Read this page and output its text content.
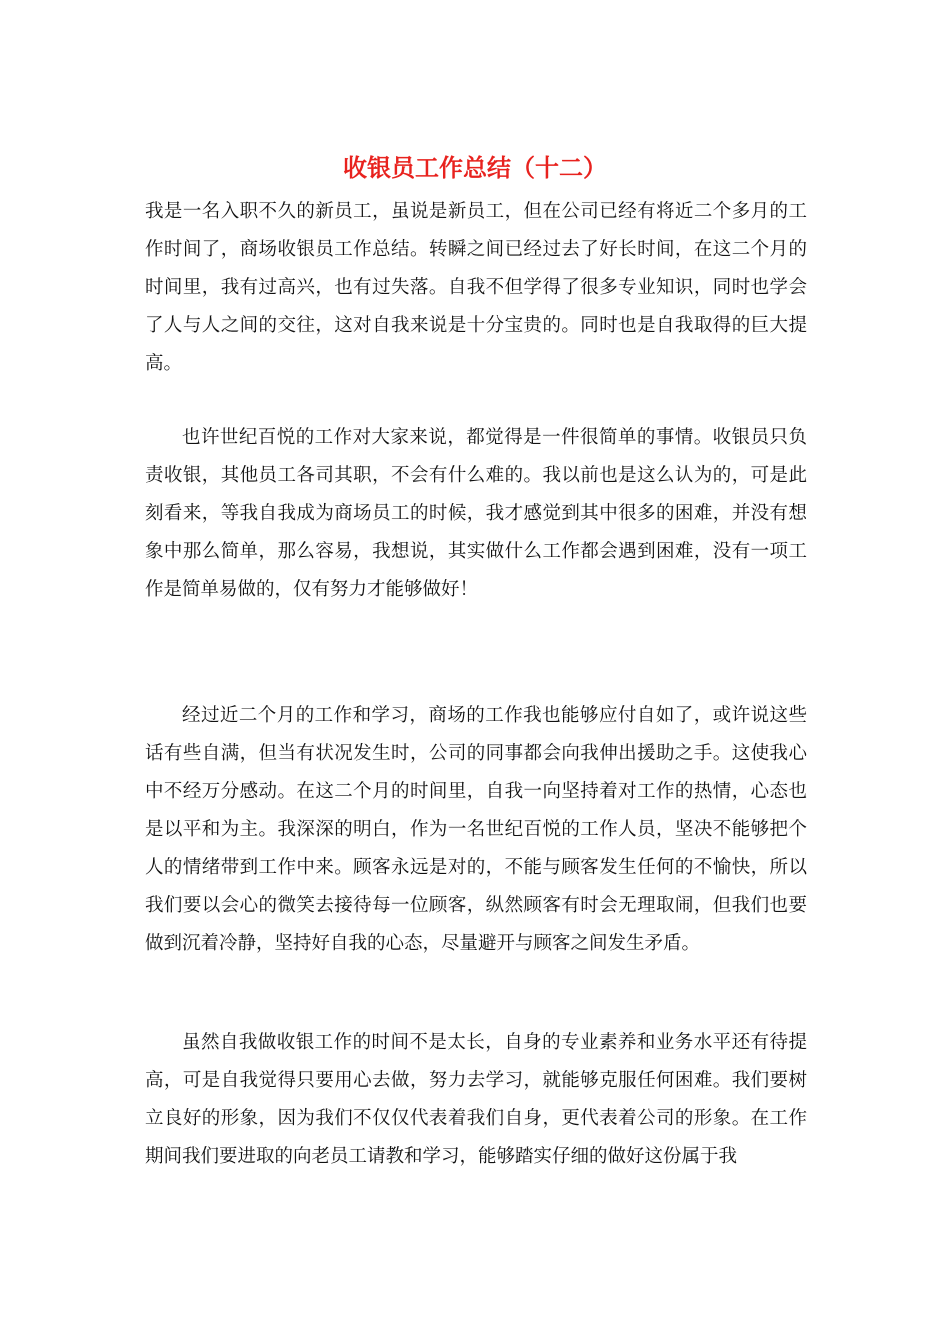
收银员工作总结（十二）

我是一名入职不久的新员工，虽说是新员工，但在公司已经有将近二个多月的工作时间了，商场收银员工作总结。转瞬之间已经过去了好长时间，在这二个月的时间里，我有过高兴，也有过失落。自我不但学得了很多专业知识，同时也学会了人与人之间的交往，这对自我来说是十分宝贵的。同时也是自我取得的巨大提高。

也许世纪百悦的工作对大家来说，都觉得是一件很简单的事情。收银员只负责收银，其他员工各司其职，不会有什么难的。我以前也是这么认为的，可是此刻看来，等我自我成为商场员工的时候，我才感觉到其中很多的困难，并没有想象中那么简单，那么容易，我想说，其实做什么工作都会遇到困难，没有一项工作是简单易做的，仅有努力才能够做好！

经过近二个月的工作和学习，商场的工作我也能够应付自如了，或许说这些话有些自满，但当有状况发生时，公司的同事都会向我伸出援助之手。这使我心中不经万分感动。在这二个月的时间里，自我一向坚持着对工作的热情，心态也是以平和为主。我深深的明白，作为一名世纪百悦的工作人员，坚决不能够把个人的情绪带到工作中来。顾客永远是对的，不能与顾客发生任何的不愉快，所以我们要以会心的微笑去接待每一位顾客，纵然顾客有时会无理取闹，但我们也要做到沉着冷静，坚持好自我的心态，尽量避开与顾客之间发生矛盾。

虽然自我做收银工作的时间不是太长，自身的专业素养和业务水平还有待提高，可是自我觉得只要用心去做，努力去学习，就能够克服任何困难。我们要树立良好的形象，因为我们不仅仅代表着我们自身，更代表着公司的形象。在工作期间我们要进取的向老员工请教和学习，能够踏实仔细的做好这份属于我
